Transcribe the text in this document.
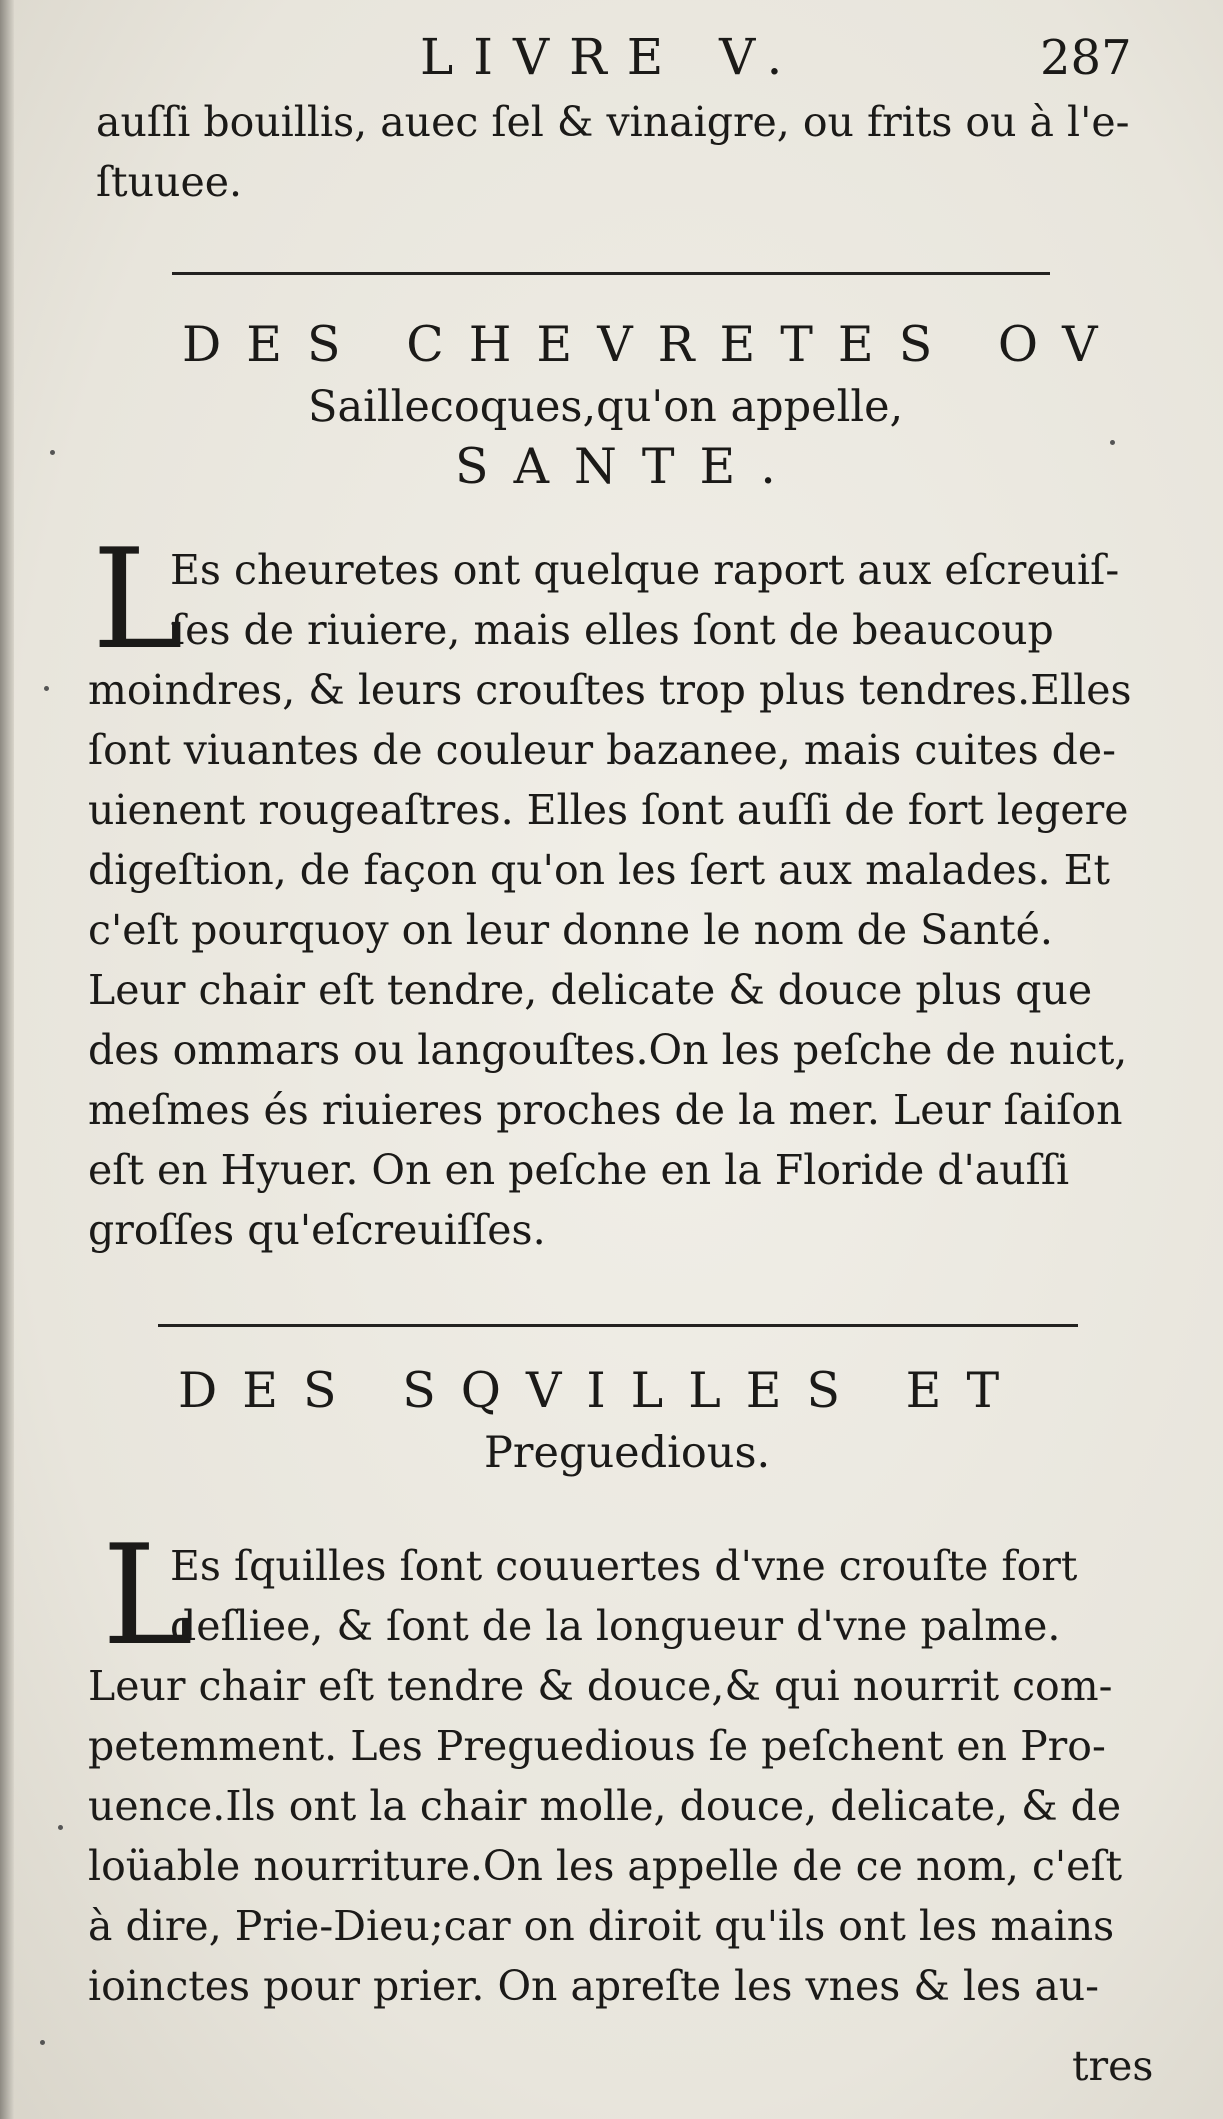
LIVRE V.	287
auſſi bouillis, auec ſel & vinaigre, ou frits ou à l'e-
ſtuuee.
DES CHEVRETES OV
Saillecoques,qu'on appelle,
SANTE.
L
Es cheuretes ont quelque raport aux eſcreuiſ-
ſes de riuiere, mais elles ſont de beaucoup
moindres, & leurs crouſtes trop plus tendres.Elles
ſont viuantes de couleur bazanee, mais cuites de-
uienent rougeaſtres. Elles ſont auſſi de fort legere
digeſtion, de façon qu'on les ſert aux malades. Et
c'eſt pourquoy on leur donne le nom de Santé.
Leur chair eſt tendre, delicate & douce plus que
des ommars ou langouſtes.On les peſche de nuict,
meſmes és riuieres proches de la mer. Leur ſaiſon
eſt en Hyuer. On en peſche en la Floride d'auſſi
groſſes qu'eſcreuiſſes.
DES SQVILLES ET
Preguedious.
L
Es ſquilles ſont couuertes d'vne crouſte fort
deſliee, & ſont de la longueur d'vne palme.
Leur chair eſt tendre & douce,& qui nourrit com-
petemment. Les Preguedious ſe peſchent en Pro-
uence.Ils ont la chair molle, douce, delicate, & de
loüable nourriture.On les appelle de ce nom, c'eſt
à dire, Prie-Dieu;car on diroit qu'ils ont les mains
ioinctes pour prier. On apreſte les vnes & les au-
tres
